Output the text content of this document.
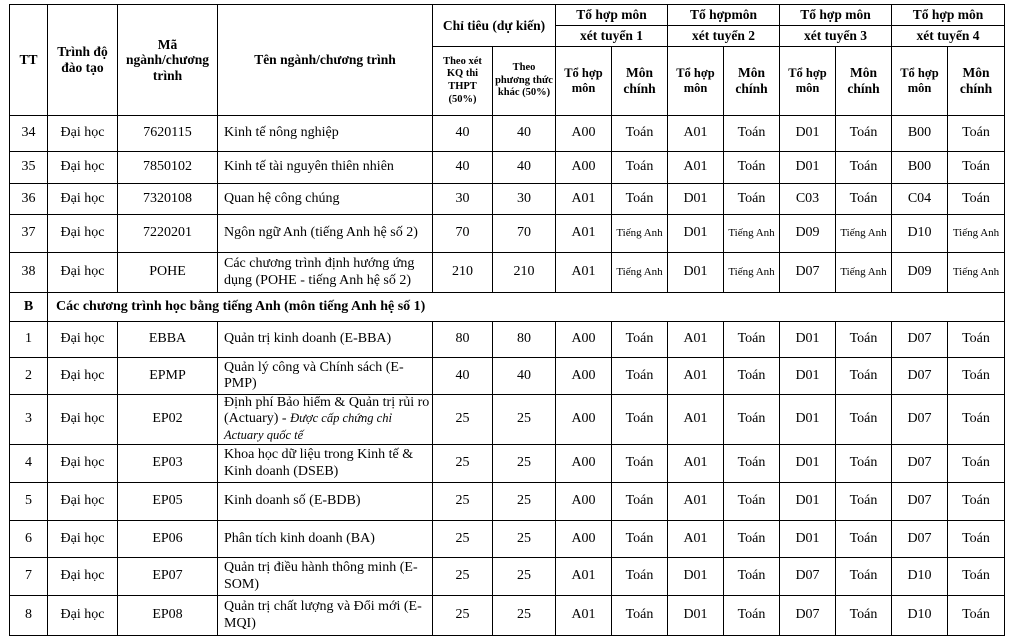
TT	Trình độ đào tạo	Mã ngành/chương trình	Tên ngành/chương trình	Chỉ tiêu (dự kiến)		Tổ hợp môn		Tổ hợpmôn		Tổ hợp môn		Tổ hợp môn	
						xét tuyển 1		xét tuyển 2		xét tuyển 3		xét tuyển 4	
				Theo xét KQ thi THPT (50%)	Theo phương thức khác (50%)	Tổ hợp môn	Môn chính	Tổ hợp môn	Môn chính	Tổ hợp môn	Môn chính	Tổ hợp môn	Môn chính
34	Đại học	7620115	Kinh tế nông nghiệp	40	40	A00	Toán	A01	Toán	D01	Toán	B00	Toán
35	Đại học	7850102	Kinh tế tài nguyên thiên nhiên	40	40	A00	Toán	A01	Toán	D01	Toán	B00	Toán
36	Đại học	7320108	Quan hệ công chúng	30	30	A01	Toán	D01	Toán	C03	Toán	C04	Toán
37	Đại học	7220201	Ngôn ngữ Anh (tiếng Anh hệ số 2)	70	70	A01	Tiếng Anh	D01	Tiếng Anh	D09	Tiếng Anh	D10	Tiếng Anh
38	Đại học	POHE	Các chương trình định hướng ứng dụng (POHE - tiếng Anh hệ số 2)	210	210	A01	Tiếng Anh	D01	Tiếng Anh	D07	Tiếng Anh	D09	Tiếng Anh
B	Các chương trình học bằng tiếng Anh (môn tiếng Anh hệ số 1)												
1	Đại học	EBBA	Quản trị kinh doanh (E-BBA)	80	80	A00	Toán	A01	Toán	D01	Toán	D07	Toán
2	Đại học	EPMP	Quản lý công và Chính sách (E-PMP)	40	40	A00	Toán	A01	Toán	D01	Toán	D07	Toán
3	Đại học	EP02	Định phí Bảo hiểm & Quản trị rủi ro (Actuary) - Được cấp chứng chỉ Actuary quốc tế	25	25	A00	Toán	A01	Toán	D01	Toán	D07	Toán
4	Đại học	EP03	Khoa học dữ liệu trong Kinh tế & Kinh doanh (DSEB)	25	25	A00	Toán	A01	Toán	D01	Toán	D07	Toán
5	Đại học	EP05	Kinh doanh số (E-BDB)	25	25	A00	Toán	A01	Toán	D01	Toán	D07	Toán
6	Đại học	EP06	Phân tích kinh doanh (BA)	25	25	A00	Toán	A01	Toán	D01	Toán	D07	Toán
7	Đại học	EP07	Quản trị điều hành thông minh (E-SOM)	25	25	A01	Toán	D01	Toán	D07	Toán	D10	Toán
8	Đại học	EP08	Quản trị chất lượng và Đổi mới (E-MQI)	25	25	A01	Toán	D01	Toán	D07	Toán	D10	Toán
